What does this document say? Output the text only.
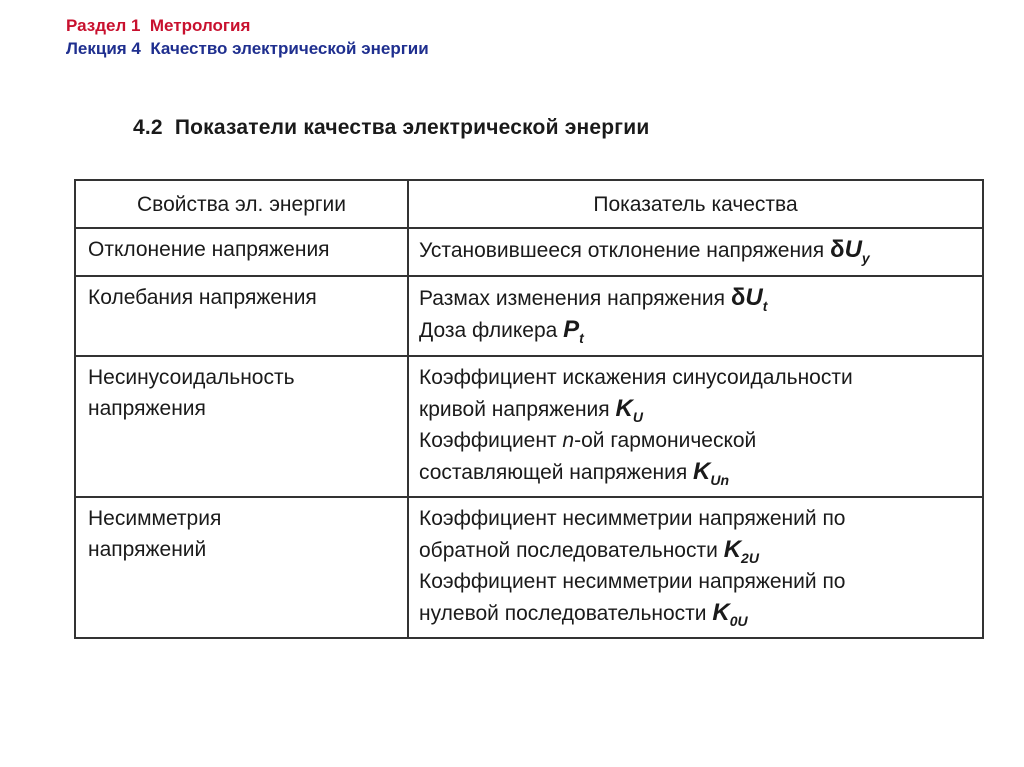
Раздел 1  Метрология
Лекция 4  Качество электрической энергии
4.2  Показатели качества электрической энергии
Свойства эл. энергии	Показатель качества
Отклонение напряжения	Установившееся отклонение напряжения $\delta U_y$
Колебания напряжения	Размах изменения напряжения $\delta U_t$
Доза фликера $P_t$

Несинусоидальность
напряжения	Коэффициент искажения синусоидальности
кривой напряжения $K_U$
Коэффициент n-ой гармонической
составляющей напряжения $K_{Un}$

Несимметрия
напряжений	Коэффициент несимметрии напряжений по
обратной последовательности $K_{2U}$
Коэффициент несимметрии напряжений по
нулевой последовательности $K_{0U}$
